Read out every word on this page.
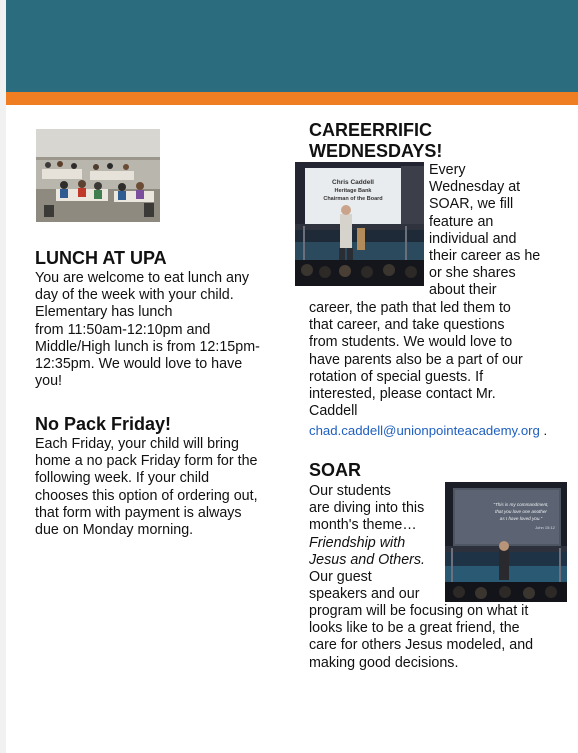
LUNCH AT UPA
You are welcome to eat lunch any
day of the week with your child.
Elementary has lunch
from 11:50am-12:10pm and
Middle/High lunch is from 12:15pm-
12:35pm. We would love to have
you!
No Pack Friday!
Each Friday, your child will bring
home a no pack Friday form for the
following week. If your child
chooses this option of ordering out,
that form with payment is always
due on Monday morning.
CAREERRIFIC
WEDNESDAYS!
Chris Caddell
Heritage Bank
Chairman of the Board
Every
Wednesday at
SOAR, we fill
feature an
individual and
their career as he
or she shares
about their
career, the path that led them to
that career, and take questions
from students. We would love to
have parents also be a part of our
rotation of special guests. If
interested, please contact Mr.
Caddell
chad.caddell@unionpointeacademy.org .
SOAR
“This is my commandment,
that you love one another
as I have loved you.”
John 15:12
Our students
are diving into this
month's theme…
Friendship with
Jesus and Others.
Our guest
speakers and our
program will be focusing on what it
looks like to be a great friend, the
care for others Jesus modeled, and
making good decisions.
